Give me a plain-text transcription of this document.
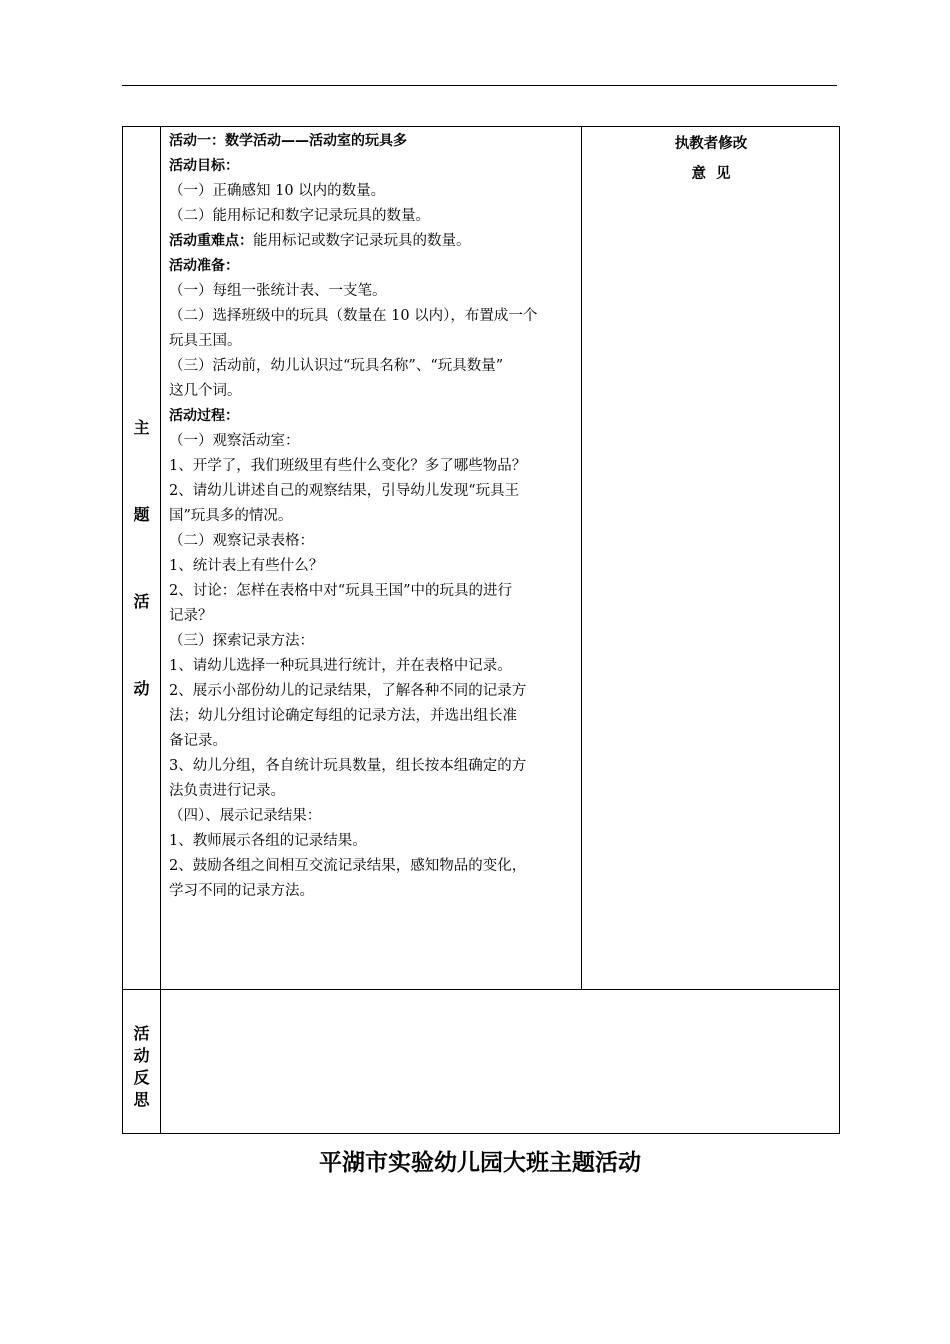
主
题
活
动
活
动
反
思
活动一：数学活动——活动室的玩具多
活动目标：
（一）正确感知 10 以内的数量。
（二）能用标记和数字记录玩具的数量。
活动重难点：能用标记或数字记录玩具的数量。
活动准备：
（一）每组一张统计表、一支笔。
（二）选择班级中的玩具（数量在 10 以内），布置成一个
玩具王国。
（三）活动前，幼儿认识过“玩具名称”、“玩具数量”
这几个词。
活动过程：
（一）观察活动室：
1、开学了，我们班级里有些什么变化？多了哪些物品？
2、请幼儿讲述自己的观察结果，引导幼儿发现“玩具王
国”玩具多的情况。
（二）观察记录表格：
1、统计表上有些什么？
2、讨论：怎样在表格中对“玩具王国”中的玩具的进行
记录？
（三）探索记录方法：
1、请幼儿选择一种玩具进行统计，并在表格中记录。
2、展示小部份幼儿的记录结果，了解各种不同的记录方
法；幼儿分组讨论确定每组的记录方法，并选出组长准
备记录。
3、幼儿分组，各自统计玩具数量，组长按本组确定的方
法负责进行记录。
（四）、展示记录结果：
1、教师展示各组的记录结果。
2、鼓励各组之间相互交流记录结果，感知物品的变化，
学习不同的记录方法。
执教者修改
意  见
平湖市实验幼儿园大班主题活动
